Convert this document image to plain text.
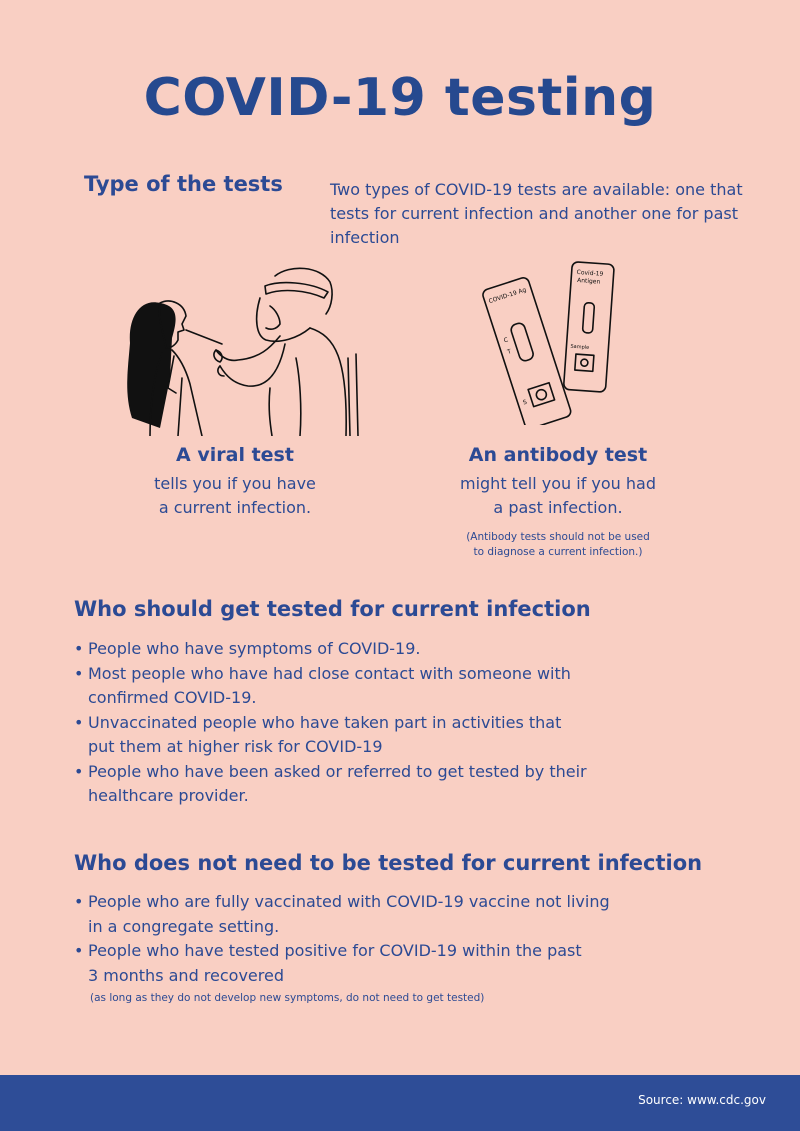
COVID-19 testing
Type of the tests	Two types of COVID-19 tests are available: one that tests for current infection and another one for past infection

Covid-19
Antigen
Sample
COVID-19 Ag
C
T
S
A viral test
tells you if you have
a current infection.
An antibody test
might tell you if you had
a past infection.
(Antibody tests should not be used
to diagnose a current infection.)
Who should get tested for current infection
• People who have symptoms of COVID-19.
• Most people who have had close contact with someone with
confirmed COVID-19.
• Unvaccinated people who have taken part in activities that
put them at higher risk for COVID-19
• People who have been asked or referred to get tested by their
healthcare provider.
Who does not need to be tested for current infection
• People who are fully vaccinated with COVID-19 vaccine not living
in a congregate setting.
• People who have tested positive for COVID-19 within the past
3 months and recovered

(as long as they do not develop new symptoms, do not need to get tested)

Source: www.cdc.gov
